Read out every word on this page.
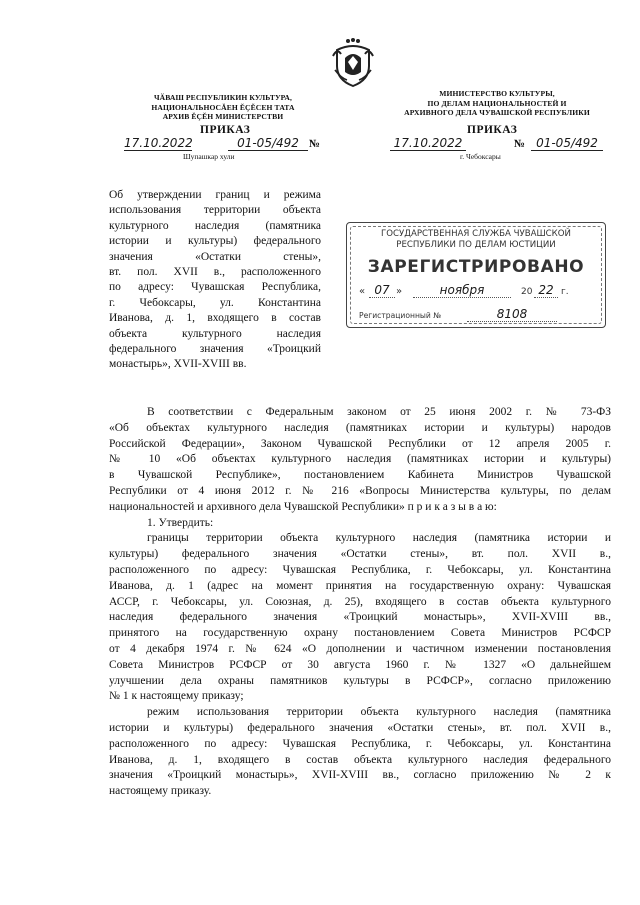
ЧӐВАШ РЕСПУБЛИКИН КУЛЬТУРА,
НАЦИОНАЛЬНОСĂЕН ĔÇĔСЕН ТАТА
АРХИВ ĔÇĔН МИНИСТЕРСТВИ
ПРИКАЗ
17.10.2022	01-05/492 №
Шупашкар хули
МИНИСТЕРСТВО КУЛЬТУРЫ,
ПО ДЕЛАМ НАЦИОНАЛЬНОСТЕЙ И
АРХИВНОГО ДЕЛА ЧУВАШСКОЙ РЕСПУБЛИКИ
ПРИКАЗ
17.10.2022	№ 01-05/492
г. Чебоксары
Об утверждении границ и режима
использования территории объекта
культурного наследия (памятника
истории и культуры) федерального
значения «Остатки стены»,
вт. пол. XVII в., расположенного
по адресу: Чувашская Республика,
г. Чебоксары, ул. Константина
Иванова, д. 1, входящего в состав
объекта культурного наследия
федерального значения «Троицкий
монастырь», XVII-XVIII вв.
ГОСУДАРСТВЕННАЯ СЛУЖБА ЧУВАШСКОЙ
РЕСПУБЛИКИ ПО ДЕЛАМ ЮСТИЦИИ
ЗАРЕГИСТРИРОВАНО
« 07 »	ноября	20 22 г.
Регистрационный №	8108
В соответствии с Федеральным законом от 25 июня 2002 г. № 73-ФЗ
«Об объектах культурного наследия (памятниках истории и культуры) народов
Российской Федерации», Законом Чувашской Республики от 12 апреля 2005 г.
№ 10 «Об объектах культурного наследия (памятниках истории и культуры)
в Чувашской Республике», постановлением Кабинета Министров Чувашской
Республики от 4 июня 2012 г. № 216 «Вопросы Министерства культуры, по делам
национальностей и архивного дела Чувашской Республики» п р и к а з ы в а ю:
1. Утвердить:
границы территории объекта культурного наследия (памятника истории и
культуры) федерального значения «Остатки стены», вт. пол. XVII в.,
расположенного по адресу: Чувашская Республика, г. Чебоксары, ул. Константина
Иванова, д. 1 (адрес на момент принятия на государственную охрану: Чувашская
АССР, г. Чебоксары, ул. Союзная, д. 25), входящего в состав объекта культурного
наследия федерального значения «Троицкий монастырь», XVII-XVIII вв.,
принятого на государственную охрану постановлением Совета Министров РСФСР
от 4 декабря 1974 г. № 624 «О дополнении и частичном изменении постановления
Совета Министров РСФСР от 30 августа 1960 г. № 1327 «О дальнейшем
улучшении дела охраны памятников культуры в РСФСР», согласно приложению
№ 1 к настоящему приказу;
режим использования территории объекта культурного наследия (памятника
истории и культуры) федерального значения «Остатки стены», вт. пол. XVII в.,
расположенного по адресу: Чувашская Республика, г. Чебоксары, ул. Константина
Иванова, д. 1, входящего в состав объекта культурного наследия федерального
значения «Троицкий монастырь», XVII-XVIII вв., согласно приложению № 2 к
настоящему приказу.
